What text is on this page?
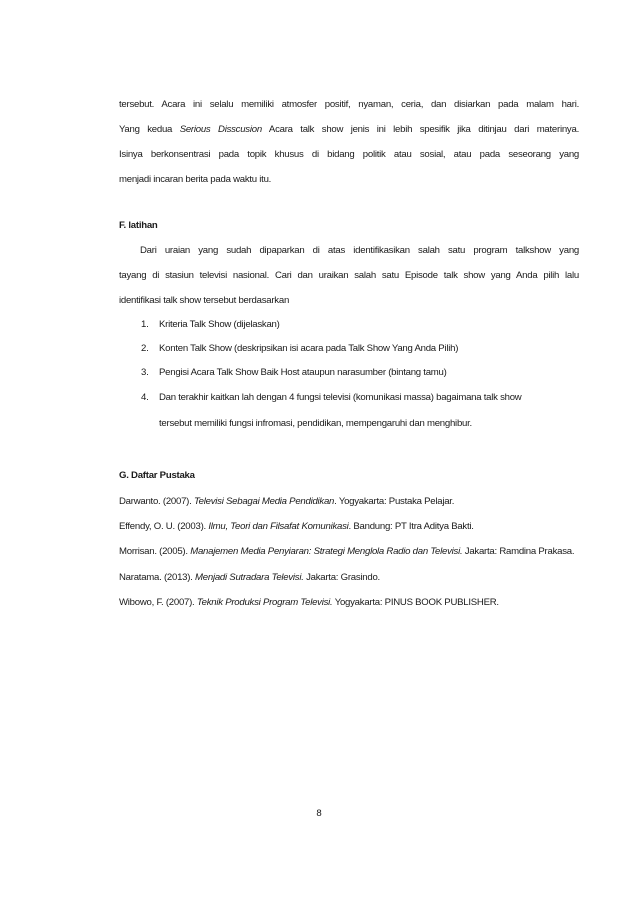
tersebut. Acara ini selalu memiliki atmosfer positif, nyaman, ceria, dan disiarkan pada malam hari.
Yang kedua Serious Disscusion Acara talk show jenis ini lebih spesifik jika ditinjau dari materinya.
Isinya berkonsentrasi pada topik khusus di bidang politik atau sosial, atau pada seseorang yang
menjadi incaran berita pada waktu itu.

F. latihan

Dari uraian yang sudah dipaparkan di atas identifikasikan salah satu program talkshow yang
tayang di stasiun televisi nasional. Cari dan uraikan salah satu Episode talk show yang Anda pilih lalu
identifikasi talk show tersebut berdasarkan
1. Kriteria Talk Show (dijelaskan)
2. Konten Talk Show (deskripsikan isi acara pada Talk Show Yang Anda Pilih)
3. Pengisi Acara Talk Show Baik Host ataupun narasumber (bintang tamu)
4. Dan terakhir kaitkan lah dengan 4 fungsi televisi (komunikasi massa) bagaimana talk show
tersebut memiliki fungsi infromasi, pendidikan, mempengaruhi dan menghibur.

G. Daftar Pustaka

Darwanto. (2007). Televisi Sebagai Media Pendidikan. Yogyakarta: Pustaka Pelajar.

Effendy, O. U. (2003). Ilmu, Teori dan Filsafat Komunikasi. Bandung: PT Itra Aditya Bakti.

Morrisan. (2005). Manajemen Media Penyiaran: Strategi Menglola Radio dan Televisi. Jakarta: Ramdina Prakasa.

Naratama. (2013). Menjadi Sutradara Televisi. Jakarta: Grasindo.

Wibowo, F. (2007). Teknik Produksi Program Televisi. Yogyakarta: PINUS BOOK PUBLISHER.

8
